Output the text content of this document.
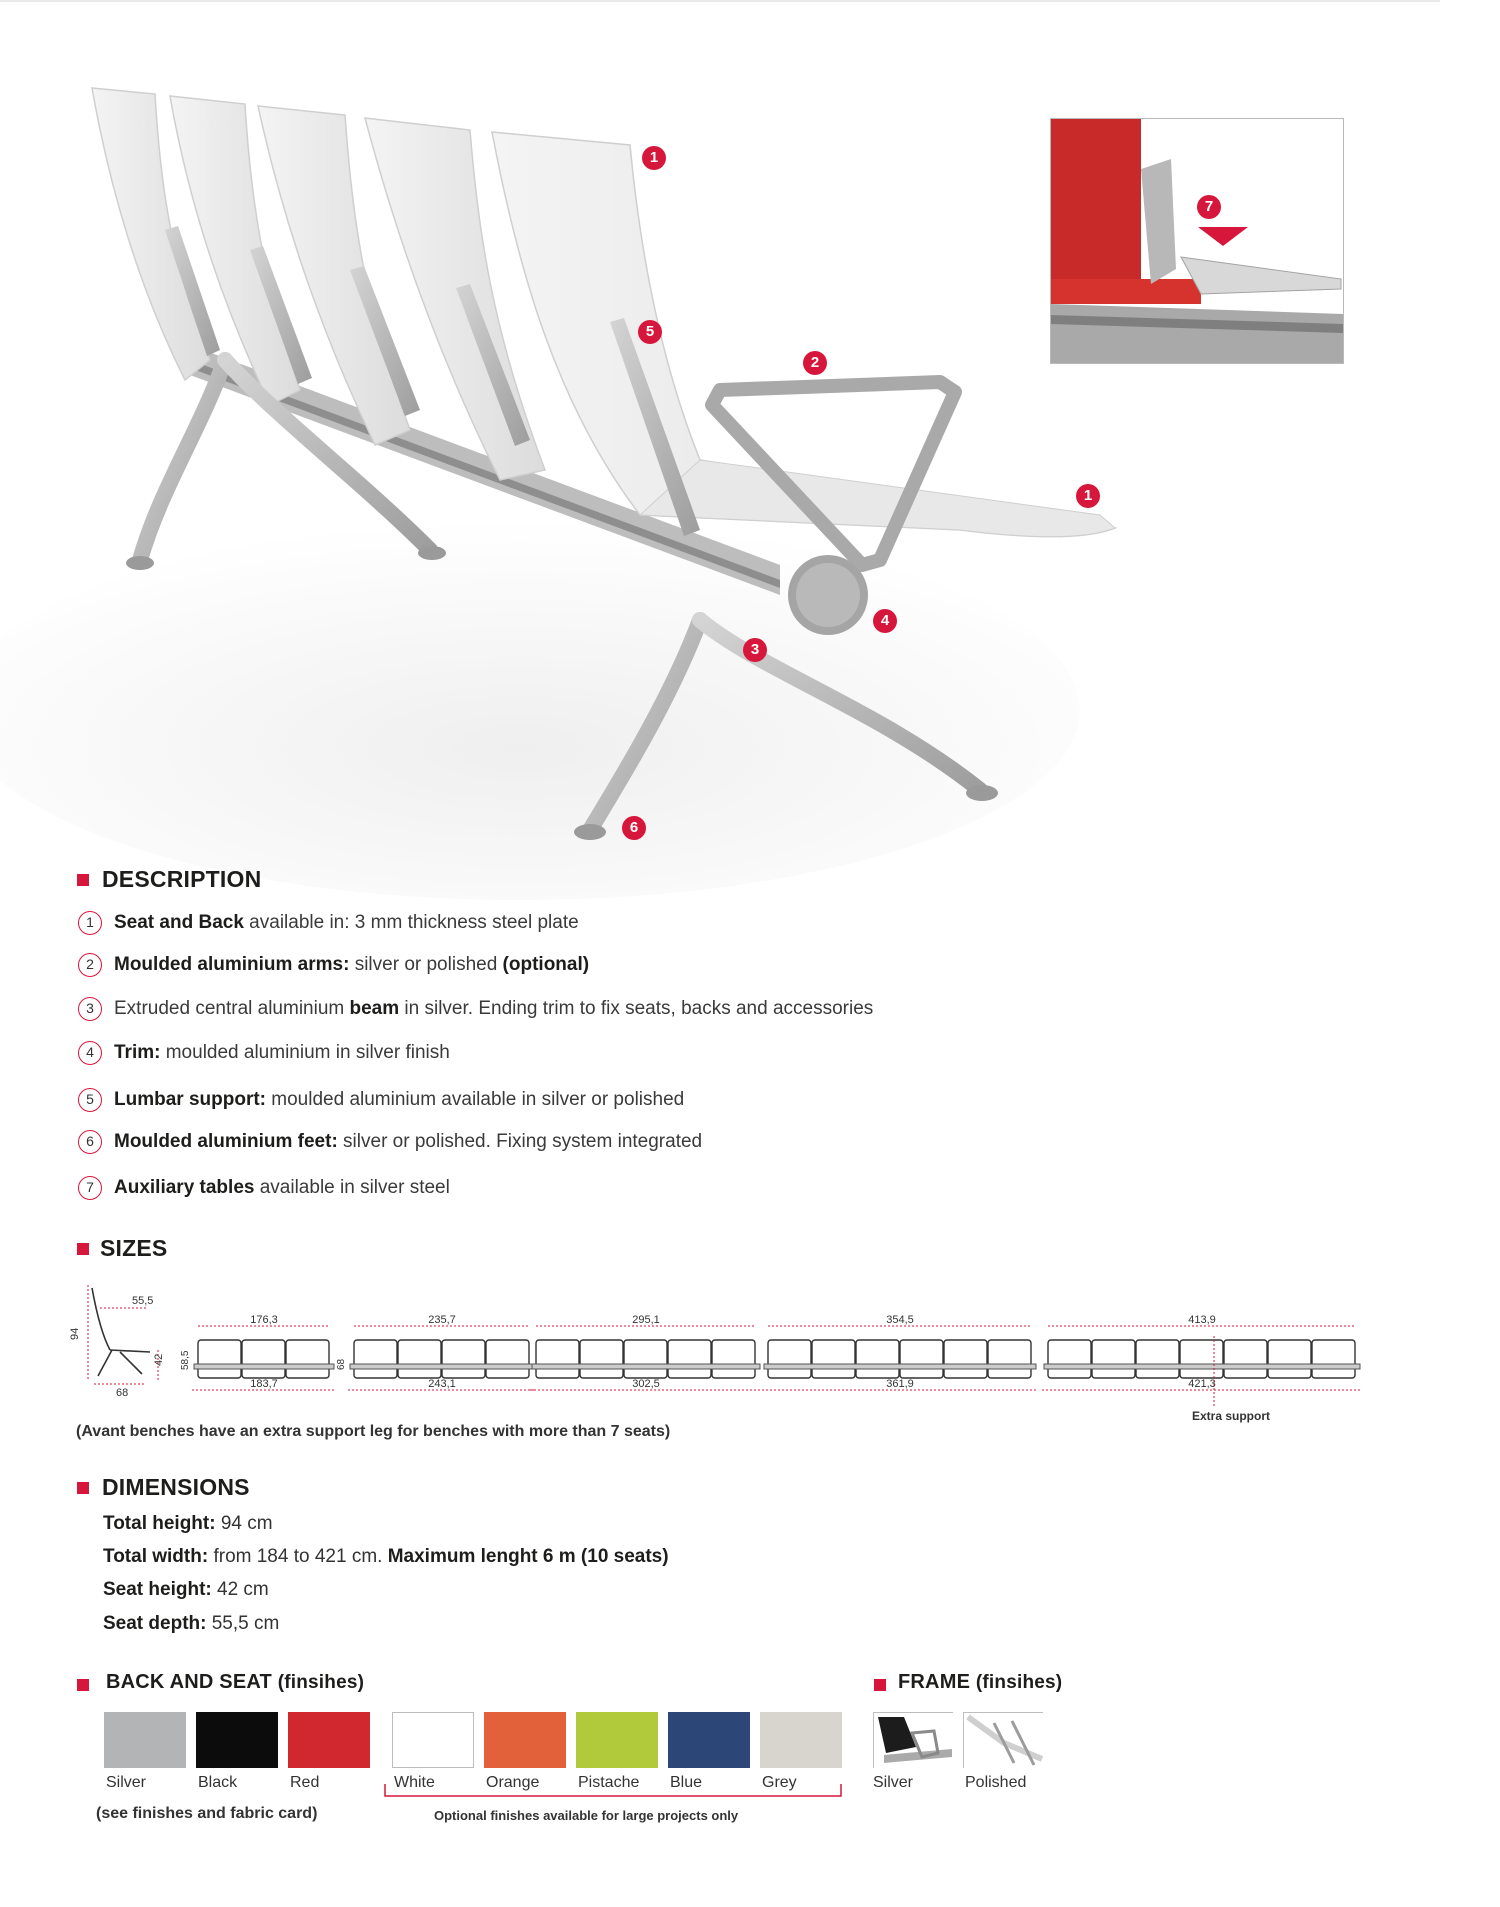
1
2
1
5
4
3
6
7
DESCRIPTION
1	Seat and Back available in: 3 mm thickness steel plate
2	Moulded aluminium arms: silver or polished (optional)
3	Extruded central aluminium beam in silver. Ending trim to fix seats, backs and accessories
4	Trim: moulded aluminium in silver finish
5	Lumbar support: moulded aluminium available in silver or polished
6	Moulded aluminium feet: silver or polished. Fixing system integrated
7	Auxiliary tables available in silver steel
SIZES
55,5
94
42
68
176,3
183,7
58,5
235,7
243,1
68
295,1
302,5
354,5
361,9
413,9
421,3
Extra support
(Avant benches have an extra support leg for benches with more than 7 seats)
DIMENSIONS
Total height: 94 cm
Total width: from 184 to 421 cm. Maximum lenght 6 m (10 seats)
Seat height: 42 cm
Seat depth: 55,5 cm
BACK AND SEAT (finsihes)
Silver	Black	Red	White	Orange Pistache Blue	Grey
(see finishes and fabric card)	Optional finishes available for large projects only
FRAME (finsihes)
Silver	Polished
